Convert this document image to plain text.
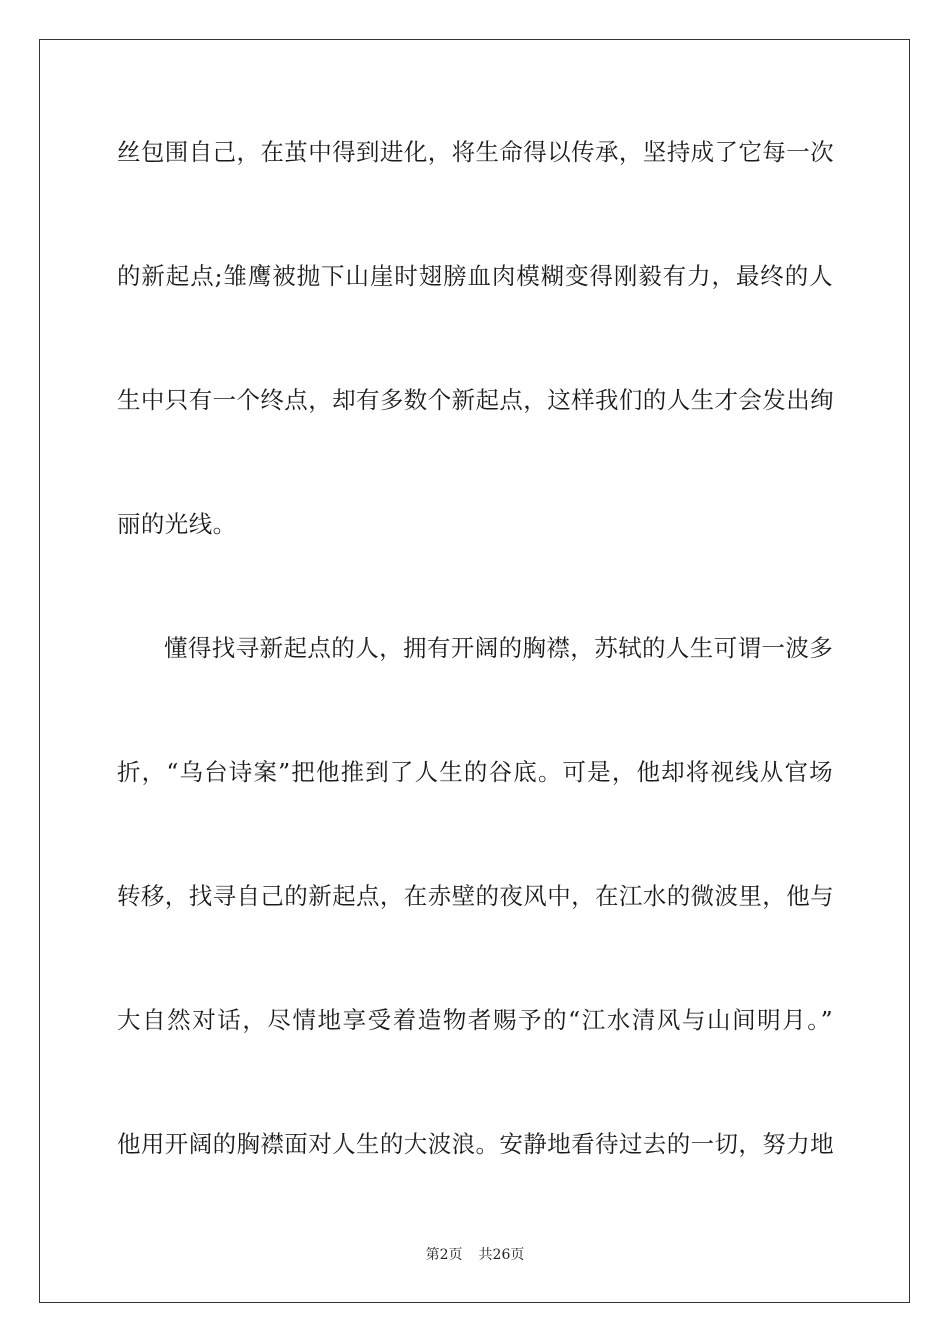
丝包围自己，在茧中得到进化，将生命得以传承，坚持成了它每一次
的新起点;雏鹰被抛下山崖时翅膀血肉模糊变得刚毅有力，最终的人
生中只有一个终点，却有多数个新起点，这样我们的人生才会发出绚
丽的光线。
懂得找寻新起点的人，拥有开阔的胸襟，苏轼的人生可谓一波多
折，“乌台诗案”把他推到了人生的谷底。可是，他却将视线从官场
转移，找寻自己的新起点，在赤壁的夜风中，在江水的微波里，他与
大自然对话，尽情地享受着造物者赐予的“江水清风与山间明月。”
他用开阔的胸襟面对人生的大波浪。安静地看待过去的一切，努力地
第2页 共26页
